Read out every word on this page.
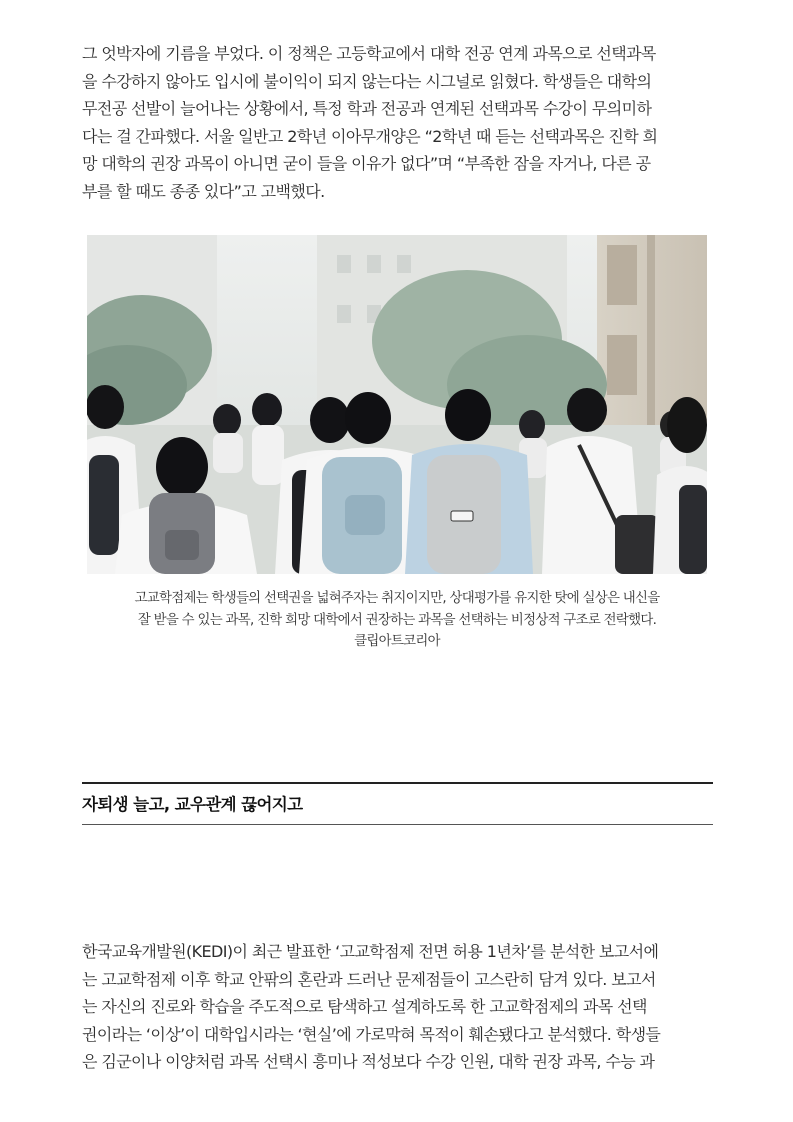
그 엇박자에 기름을 부었다. 이 정책은 고등학교에서 대학 전공 연계 과목으로 선택과목
을 수강하지 않아도 입시에 불이익이 되지 않는다는 시그널로 읽혔다. 학생들은 대학의
무전공 선발이 늘어나는 상황에서, 특정 학과 전공과 연계된 선택과목 수강이 무의미하
다는 걸 간파했다. 서울 일반고 2학년 이아무개양은 “2학년 때 듣는 선택과목은 진학 희
망 대학의 권장 과목이 아니면 굳이 들을 이유가 없다”며 “부족한 잠을 자거나, 다른 공
부를 할 때도 종종 있다”고 고백했다.

고교학점제는 학생들의 선택권을 넓혀주자는 취지이지만, 상대평가를 유지한 탓에 실상은 내신을
잘 받을 수 있는 과목, 진학 희망 대학에서 권장하는 과목을 선택하는 비정상적 구조로 전락했다.
클립아트코리아
자퇴생 늘고, 교우관계 끊어지고

한국교육개발원(KEDI)이 최근 발표한 ‘고교학점제 전면 허용 1년차’를 분석한 보고서에
는 고교학점제 이후 학교 안팎의 혼란과 드러난 문제점들이 고스란히 담겨 있다. 보고서
는 자신의 진로와 학습을 주도적으로 탐색하고 설계하도록 한 고교학점제의 과목 선택
권이라는 ‘이상’이 대학입시라는 ‘현실’에 가로막혀 목적이 훼손됐다고 분석했다. 학생들
은 김군이나 이양처럼 과목 선택시 흥미나 적성보다 수강 인원, 대학 권장 과목, 수능 과
